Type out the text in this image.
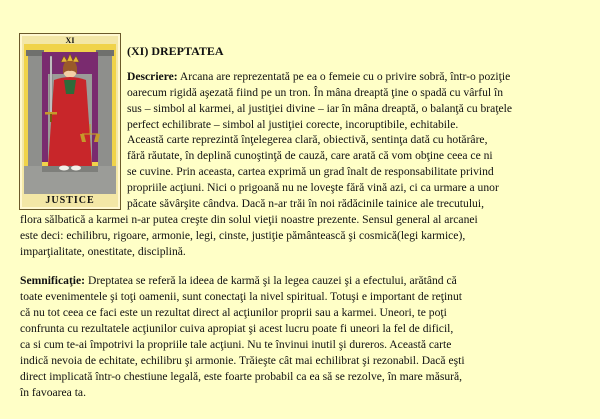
XI
JUSTICE
(XI) DREPTATEA
Descriere: Arcana are reprezentată pe ea o femeie cu o privire sobră, într-o poziţie
oarecum rigidă aşezată fiind pe un tron. În mâna dreaptă ţine o spadă cu vârful în
sus – simbol al karmei, al justiţiei divine – iar în mâna dreaptă, o balanţă cu braţele
perfect echilibrate – simbol al justiţiei corecte, incoruptibile, echitabile.
Această carte reprezintă înţelegerea clară, obiectivă, sentinţa dată cu hotărâre,
fără răutate, în deplină cunoştinţă de cauză, care arată că vom obţine ceea ce ni
se cuvine. Prin aceasta, cartea exprimă un grad înalt de responsabilitate privind
propriile acţiuni. Nici o prigoană nu ne loveşte fără vină azi, ci ca urmare a unor
păcate săvârşite cândva. Dacă n-ar trăi în noi rădăcinile tainice ale trecutului,
flora sălbatică a karmei n-ar putea creşte din solul vieţii noastre prezente. Sensul general al arcanei
este deci: echilibru, rigoare, armonie, legi, cinste, justiţie pământească şi cosmică(legi karmice),
imparţialitate, onestitate, disciplină.
Semnificaţie: Dreptatea se referă la ideea de karmă şi la legea cauzei şi a efectului, arătând că
toate evenimentele şi toţi oamenii, sunt conectaţi la nivel spiritual. Totuşi e important de reţinut
că nu tot ceea ce faci este un rezultat direct al acţiunilor proprii sau a karmei. Uneori, te poţi
confrunta cu rezultatele acţiunilor cuiva apropiat şi acest lucru poate fi uneori la fel de dificil,
ca si cum te-ai împotrivi la propriile tale acţiuni. Nu te învinui inutil şi dureros. Această carte
indică nevoia de echitate, echilibru şi armonie. Trăieşte cât mai echilibrat şi rezonabil. Dacă eşti
direct implicată într-o chestiune legală, este foarte probabil ca ea să se rezolve, în mare măsură,
în favoarea ta.
